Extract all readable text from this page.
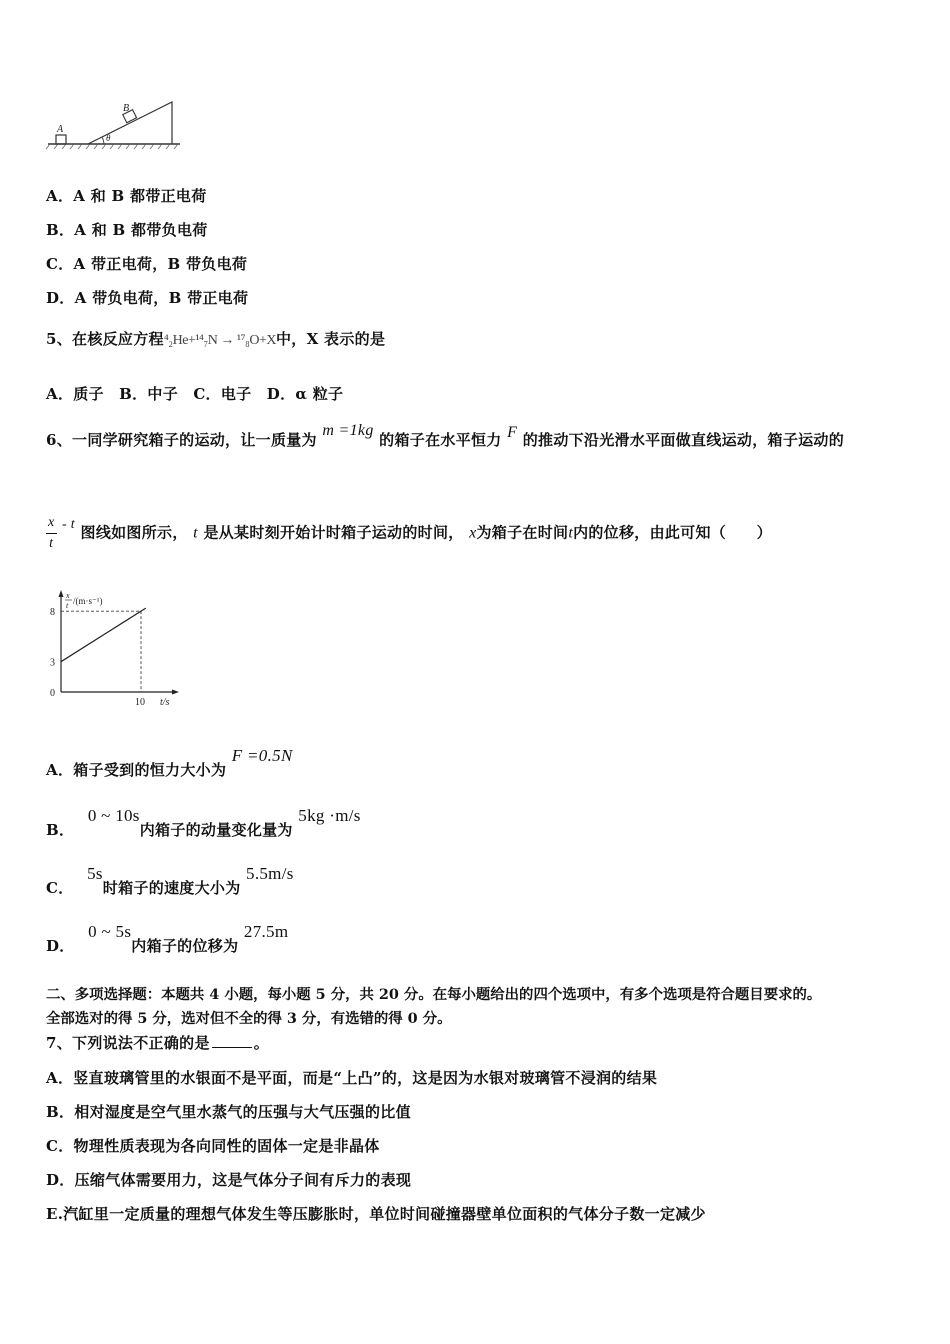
A
B
θ
A．A 和 B 都带正电荷
B．A 和 B 都带负电荷
C．A 带正电荷，B 带负电荷
D．A 带负电荷，B 带正电荷
5、在核反应方程⁴₂He+¹⁴₇N → ¹⁷₈O+X中，X 表示的是
A．质子　B．中子　C．电子　D．α 粒子
6、一同学研究箱子的运动，让一质量为 m =1kg 的箱子在水平恒力 F 的推动下沿光滑水平面做直线运动，箱子运动的
$\frac{x}{t}$ - t 图线如图所示， t 是从某时刻开始计时箱子运动的时间， x为箱子在时间t内的位移，由此可知（　　）
x
t /(m·s⁻¹)
t/s
0
8
3
10
A．箱子受到的恒力大小为 F =0.5N
B． 0 ~ 10s内箱子的动量变化量为 5kg ·m/s
C． 5s时箱子的速度大小为 5.5m/s
D． 0 ~ 5s内箱子的位移为 27.5m
二、多项选择题：本题共 4 小题，每小题 5 分，共 20 分。在每小题给出的四个选项中，有多个选项是符合题目要求的。
全部选对的得 5 分，选对但不全的得 3 分，有选错的得 0 分。
7、下列说法不正确的是	。
A．竖直玻璃管里的水银面不是平面，而是“上凸”的，这是因为水银对玻璃管不浸润的结果
B．相对湿度是空气里水蒸气的压强与大气压强的比值
C．物理性质表现为各向同性的固体一定是非晶体
D．压缩气体需要用力，这是气体分子间有斥力的表现
E.汽缸里一定质量的理想气体发生等压膨胀时，单位时间碰撞器壁单位面积的气体分子数一定减少
